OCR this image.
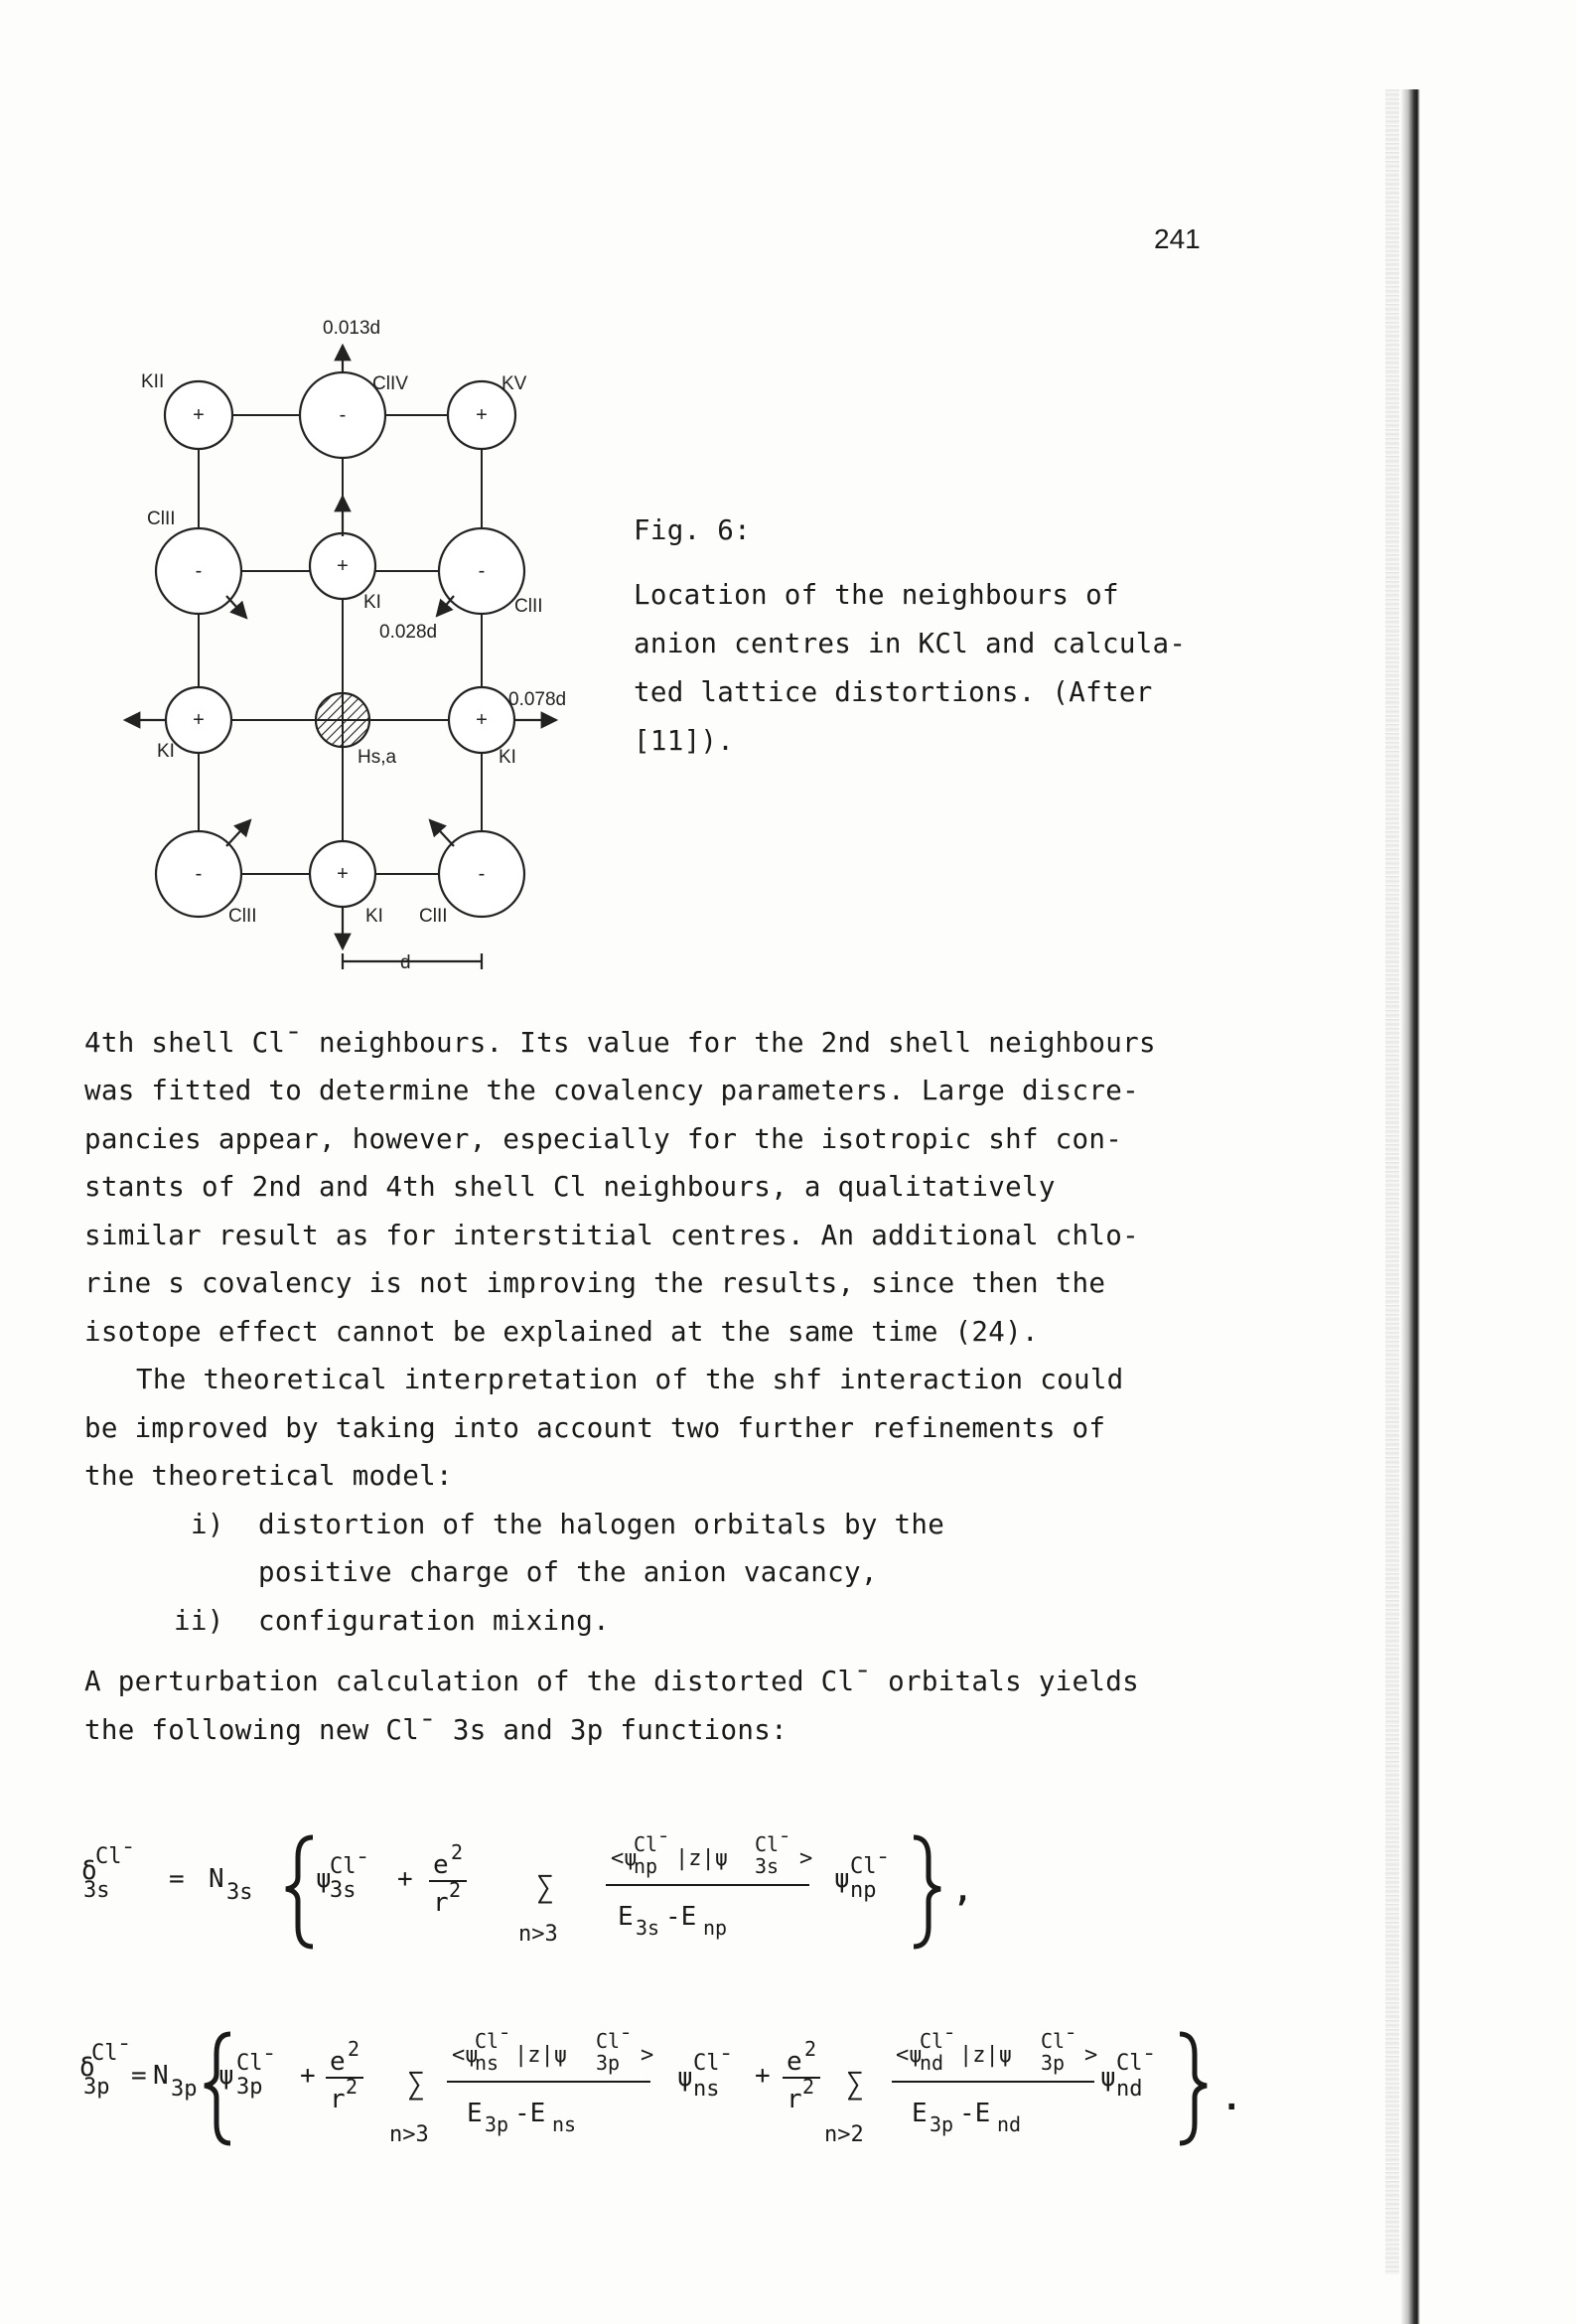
241
+	-	+
-	+	-
+	+
-	+	-
0.013d
KII	ClIV	KV
ClII
KI
0.028d
ClII
0.078d
KI	Hs,a	KI
ClII	KI ClII
d
Fig. 6:
Location of the neighbours of
anion centres in KCl and calcula-
ted lattice distortions. (After
[11]).
4th shell Cl¯ neighbours. Its value for the 2nd shell neighbours
was fitted to determine the covalency parameters. Large discre-
pancies appear, however, especially for the isotropic shf con-
stants of 2nd and 4th shell Cl neighbours, a qualitatively
similar result as for interstitial centres. An additional chlo-
rine s covalency is not improving the results, since then the
isotope effect cannot be explained at the same time (24).
The theoretical interpretation of the shf interaction could
be improved by taking into account two further refinements of
the theoretical model:
i) distortion of the halogen orbitals by the
positive charge of the anion vacancy,
ii) configuration mixing.
A perturbation calculation of the distorted Cl¯ orbitals yields
the following new Cl¯ 3s and 3p functions:
δ
Cl¯
3s = N 3s ψ
Cl¯
3s + e 2
r 2	∑
n>3
<ψ
Cl¯
np |z|ψ
Cl¯
3s >
E 3s -E np
ψ Cl¯
np ,
δ
Cl¯
3p = N 3p ψ Cl¯
3p + e 2
r 2 ∑
n>3
<ψ
Cl¯
ns |z|ψ
Cl¯
3p >
E 3p -E ns
ψ Cl¯
ns + e 2
r 2 ∑
n>2
<ψ
Cl¯
nd |z|ψ
Cl¯
3p >
E 3p -E nd
ψ Cl¯
nd .
